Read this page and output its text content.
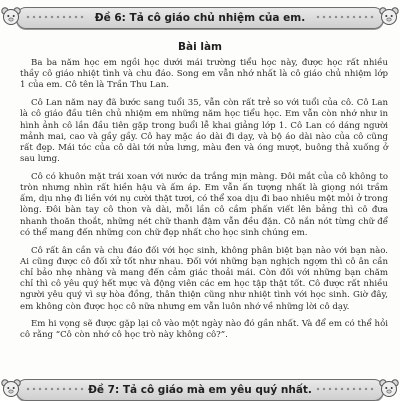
Đề 6: Tả cô giáo chủ nhiệm của em.
Bài làm

Ba ba năm học em ngồi học dưới mái trường tiểu học này, được học rất nhiều thầy cô giáo nhiệt tình và chu đáo. Song em vẫn nhớ nhất là cô giáo chủ nhiệm lớp 1 của em. Cô tên là Trần Thu Lan.

Cô Lan năm nay đã bước sang tuổi 35, vẫn còn rất trẻ so với tuổi của cô. Cô Lan là cô giáo đầu tiên chủ nhiệm em những năm học tiểu học. Em vẫn còn nhớ như in hình ảnh cô lần đầu tiên gặp trong buổi lễ khai giảng lớp 1. Cô Lan có dáng người mảnh mai, cao và gầy gầy. Cô hay mặc áo dài đi dạy, và bộ áo dài nào của cô cũng rất đẹp. Mái tóc của cô dài tới nửa lưng, màu đen và óng mượt, buông thả xuống ở sau lưng.

Cô có khuôn mặt trái xoan với nước da trắng mịn màng. Đôi mắt của cô không to tròn nhưng nhìn rất hiền hậu và ấm áp. Em vẫn ấn tượng nhất là giọng nói trầm ấm, dịu nhẹ đi liền với nụ cười thật tươi, có thể xoa dịu đi bao nhiêu mệt mỏi ở trong lòng. Đôi bàn tay cô thon và dài, mỗi lần cô cầm phấn viết lên bảng thì cô đưa nhanh thoăn thoắt, những nét chữ thanh đậm vẫn đều đặn. Cô nắn nót từng chữ để có thể mang đến những con chữ đẹp nhất cho học sinh chúng em.

Cô rất ân cần và chu đáo đối với học sinh, không phân biệt bạn nào với bạn nào. Ai cũng được cô đối xử tốt như nhau. Đối với những bạn nghịch ngợm thì cô ân cần chỉ bảo nhẹ nhàng và mang đến cảm giác thoải mái. Còn đối với những bạn chăm chỉ thì cô yêu quý hết mực và động viên các em học tập thật tốt. Cô được rất nhiều người yêu quý vì sự hòa đồng, thân thiện cũng như nhiệt tình với học sinh. Giờ đây, em không còn được học cô nữa nhưng em vẫn luôn nhớ về những lời cô dạy.

Em hi vọng sẽ được gặp lại cô vào một ngày nào đó gần nhất. Và để em có thể hỏi cô rằng “Cô còn nhớ cô học trò này không cô?”.

Đề 7: Tả cô giáo mà em yêu quý nhất.
